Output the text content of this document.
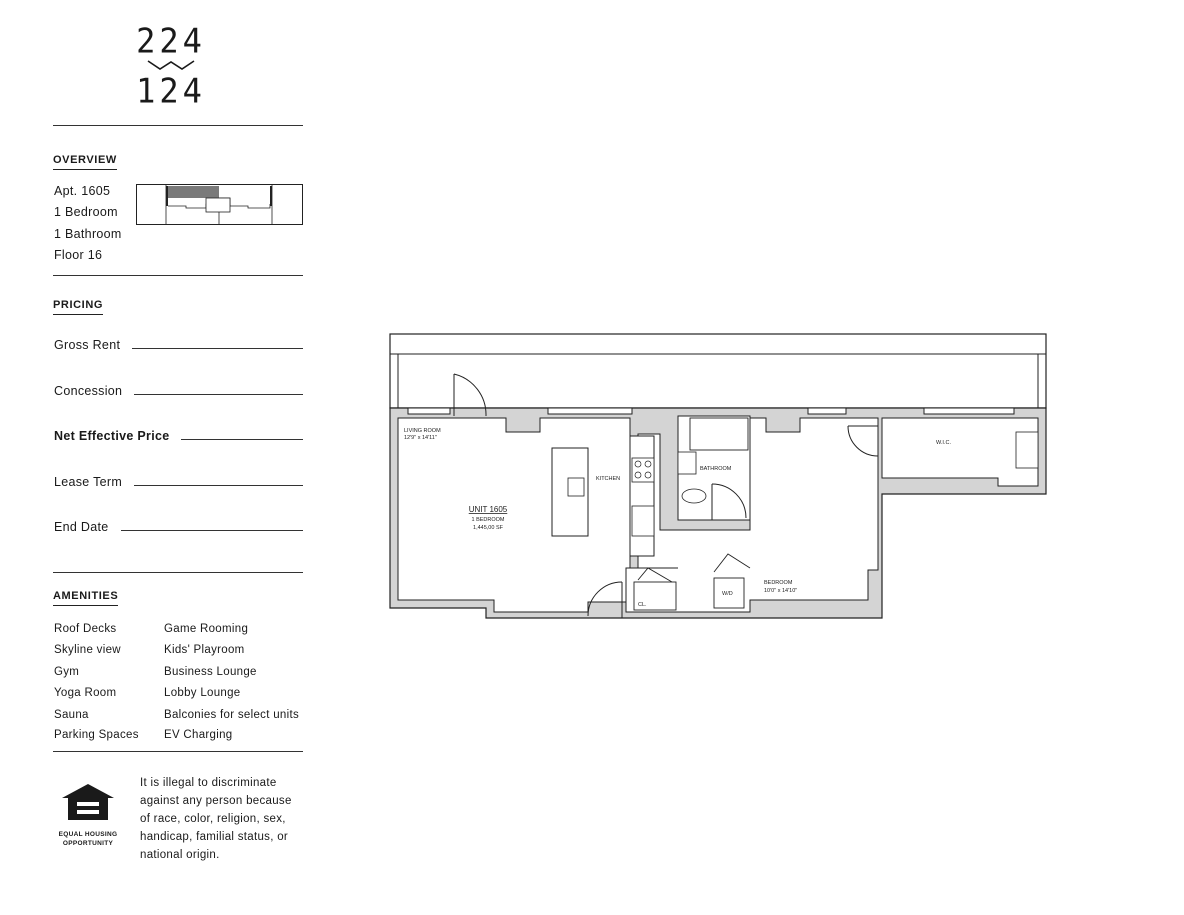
224
124
OVERVIEW
Apt. 1605
1 Bedroom
1 Bathroom
Floor 16
PRICING
Gross Rent
Concession
Net Effective Price
Lease Term
End Date
AMENITIES
Roof Decks
Skyline view
Gym
Yoga Room
Sauna
Parking Spaces
Game Rooming
Kids' Playroom
Business Lounge
Lobby Lounge
Balconies for select units
EV Charging
EQUAL HOUSING
OPPORTUNITY
It is illegal to discriminate against any person because of race, color, religion, sex, handicap, familial status, or national origin.
LIVING ROOM
12'9" x 14'11"
UNIT 1605
1 BEDROOM
1,445,00 SF
KITCHEN
BATHROOM
BEDROOM
10'0" x 14'10"
W.I.C.
CL.
W/D
